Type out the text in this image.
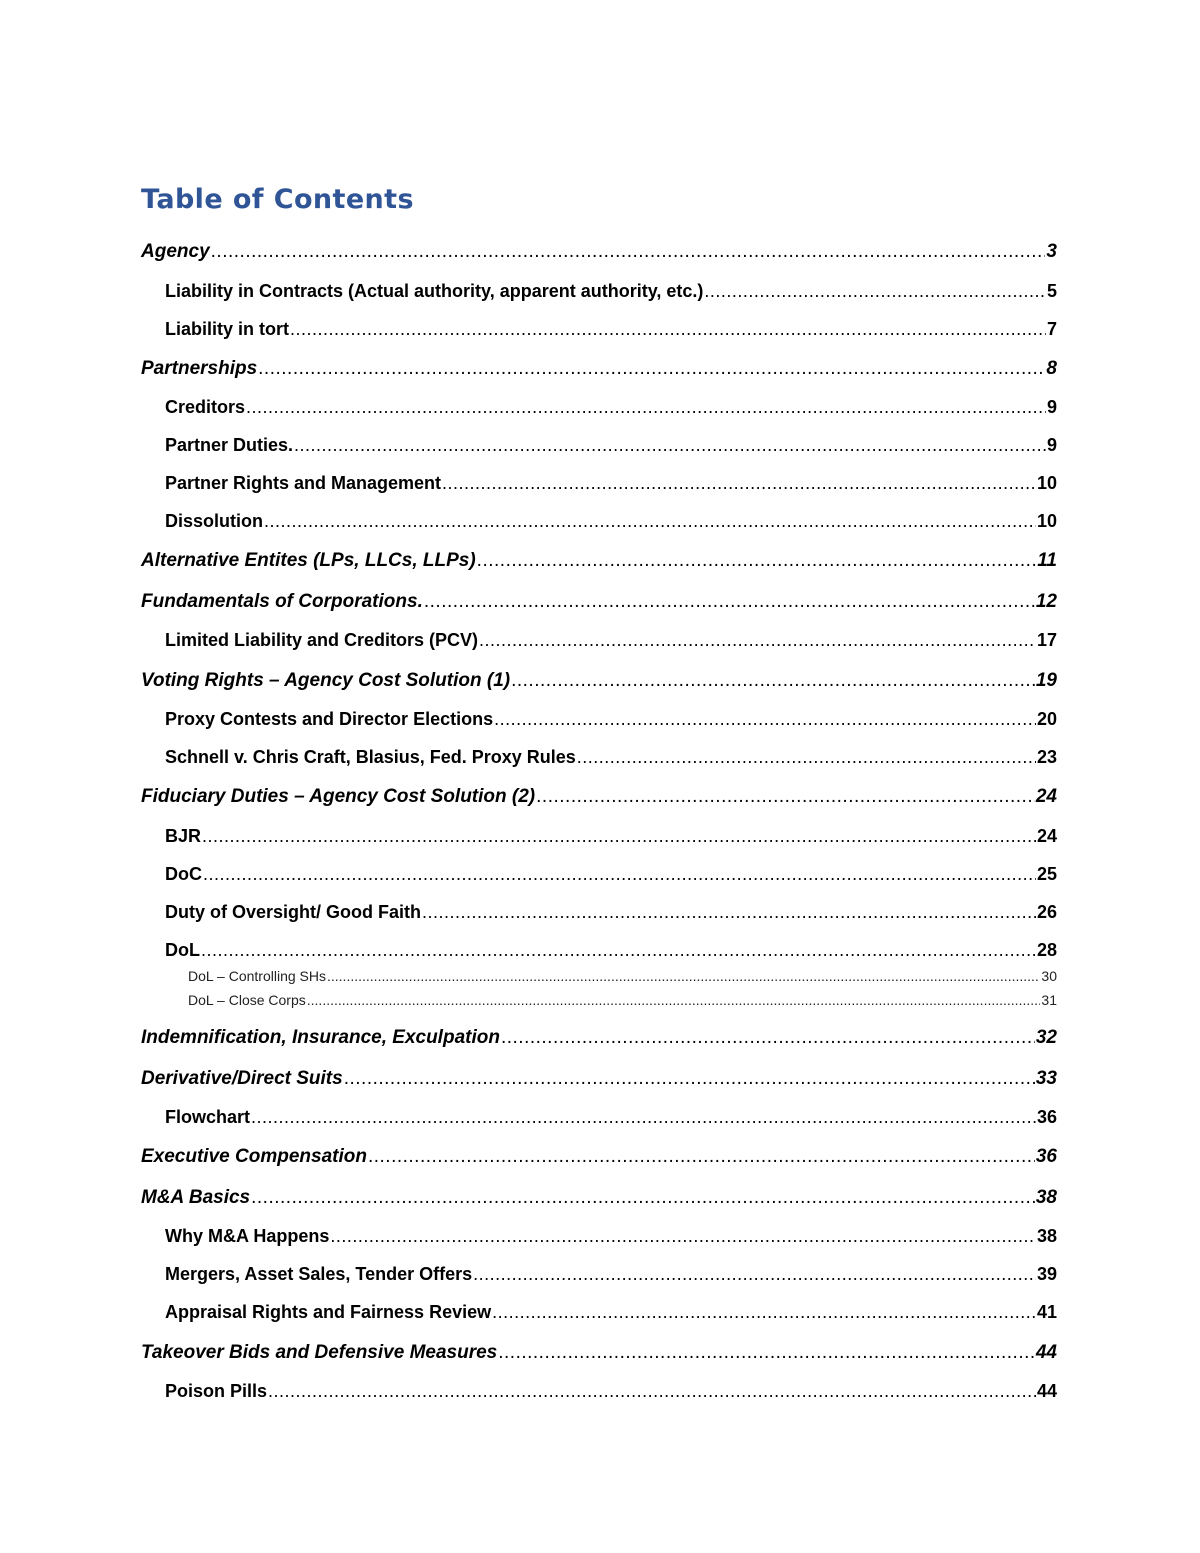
Table of Contents
Agency .....	3
Liability in Contracts (Actual authority, apparent authority, etc.) .....	5
Liability in tort .....	7
Partnerships .....	8
Creditors .....	9
Partner Duties. .....	9
Partner Rights and Management .....	10
Dissolution .....	10
Alternative Entites (LPs, LLCs, LLPs) .....	11
Fundamentals of Corporations. .....	12
Limited Liability and Creditors (PCV) .....	17
Voting Rights – Agency Cost Solution (1) .....	19
Proxy Contests and Director Elections .....	20
Schnell v. Chris Craft, Blasius, Fed. Proxy Rules .....	23
Fiduciary Duties – Agency Cost Solution (2) .....	24
BJR .....	24
DoC .....	25
Duty of Oversight/ Good Faith .....	26
DoL .....	28
DoL – Controlling SHs .....	30
DoL – Close Corps .....	31
Indemnification, Insurance, Exculpation .....	32
Derivative/Direct Suits .....	33
Flowchart .....	36
Executive Compensation .....	36
M&A Basics .....	38
Why M&A Happens .....	38
Mergers, Asset Sales, Tender Offers .....	39
Appraisal Rights and Fairness Review .....	41
Takeover Bids and Defensive Measures .....	44
Poison Pills .....	44
